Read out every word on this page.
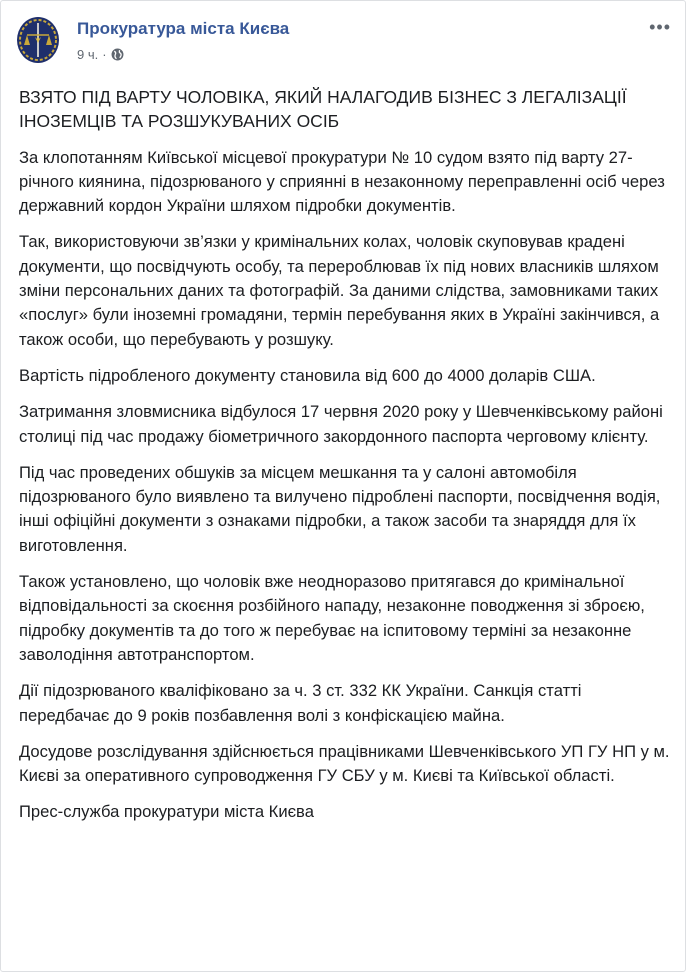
Прокуратура міста Києва
9 ч. ·
•••

ВЗЯТО ПІД ВАРТУ ЧОЛОВІКА, ЯКИЙ НАЛАГОДИВ БІЗНЕС З ЛЕГАЛІЗАЦІЇ ІНОЗЕМЦІВ ТА РОЗШУКУВАНИХ ОСІБ

За клопотанням Київської місцевої прокуратури № 10 судом взято під варту 27-річного киянина, підозрюваного у сприянні в незаконному переправленні осіб через державний кордон України шляхом підробки документів.

Так, використовуючи зв’язки у кримінальних колах, чоловік скуповував крадені документи, що посвідчують особу, та перероблював їх під нових власників шляхом зміни персональних даних та фотографій. За даними слідства, замовниками таких «послуг» були іноземні громадяни, термін перебування яких в Україні закінчився, а також особи, що перебувають у розшуку.

Вартість підробленого документу становила від 600 до 4000 доларів США.

Затримання зловмисника відбулося 17 червня 2020 року у Шевченківському районі столиці під час продажу біометричного закордонного паспорта черговому клієнту.

Під час проведених обшуків за місцем мешкання та у салоні автомобіля підозрюваного було виявлено та вилучено підроблені паспорти, посвідчення водія, інші офіційні документи з ознаками підробки, а також засоби та знаряддя для їх виготовлення.

Також установлено, що чоловік вже неодноразово притягався до кримінальної відповідальності за скоєння розбійного нападу, незаконне поводження зі зброєю, підробку документів та до того ж перебуває на іспитовому терміні за незаконне заволодіння автотранспортом.

Дії підозрюваного кваліфіковано за ч. 3 ст. 332 КК України. Санкція статті передбачає до 9 років позбавлення волі з конфіскацією майна.

Досудове розслідування здійснюється працівниками Шевченківського УП ГУ НП у м. Києві за оперативного супроводження ГУ СБУ у м. Києві та Київської області.

Прес-служба прокуратури міста Києва
